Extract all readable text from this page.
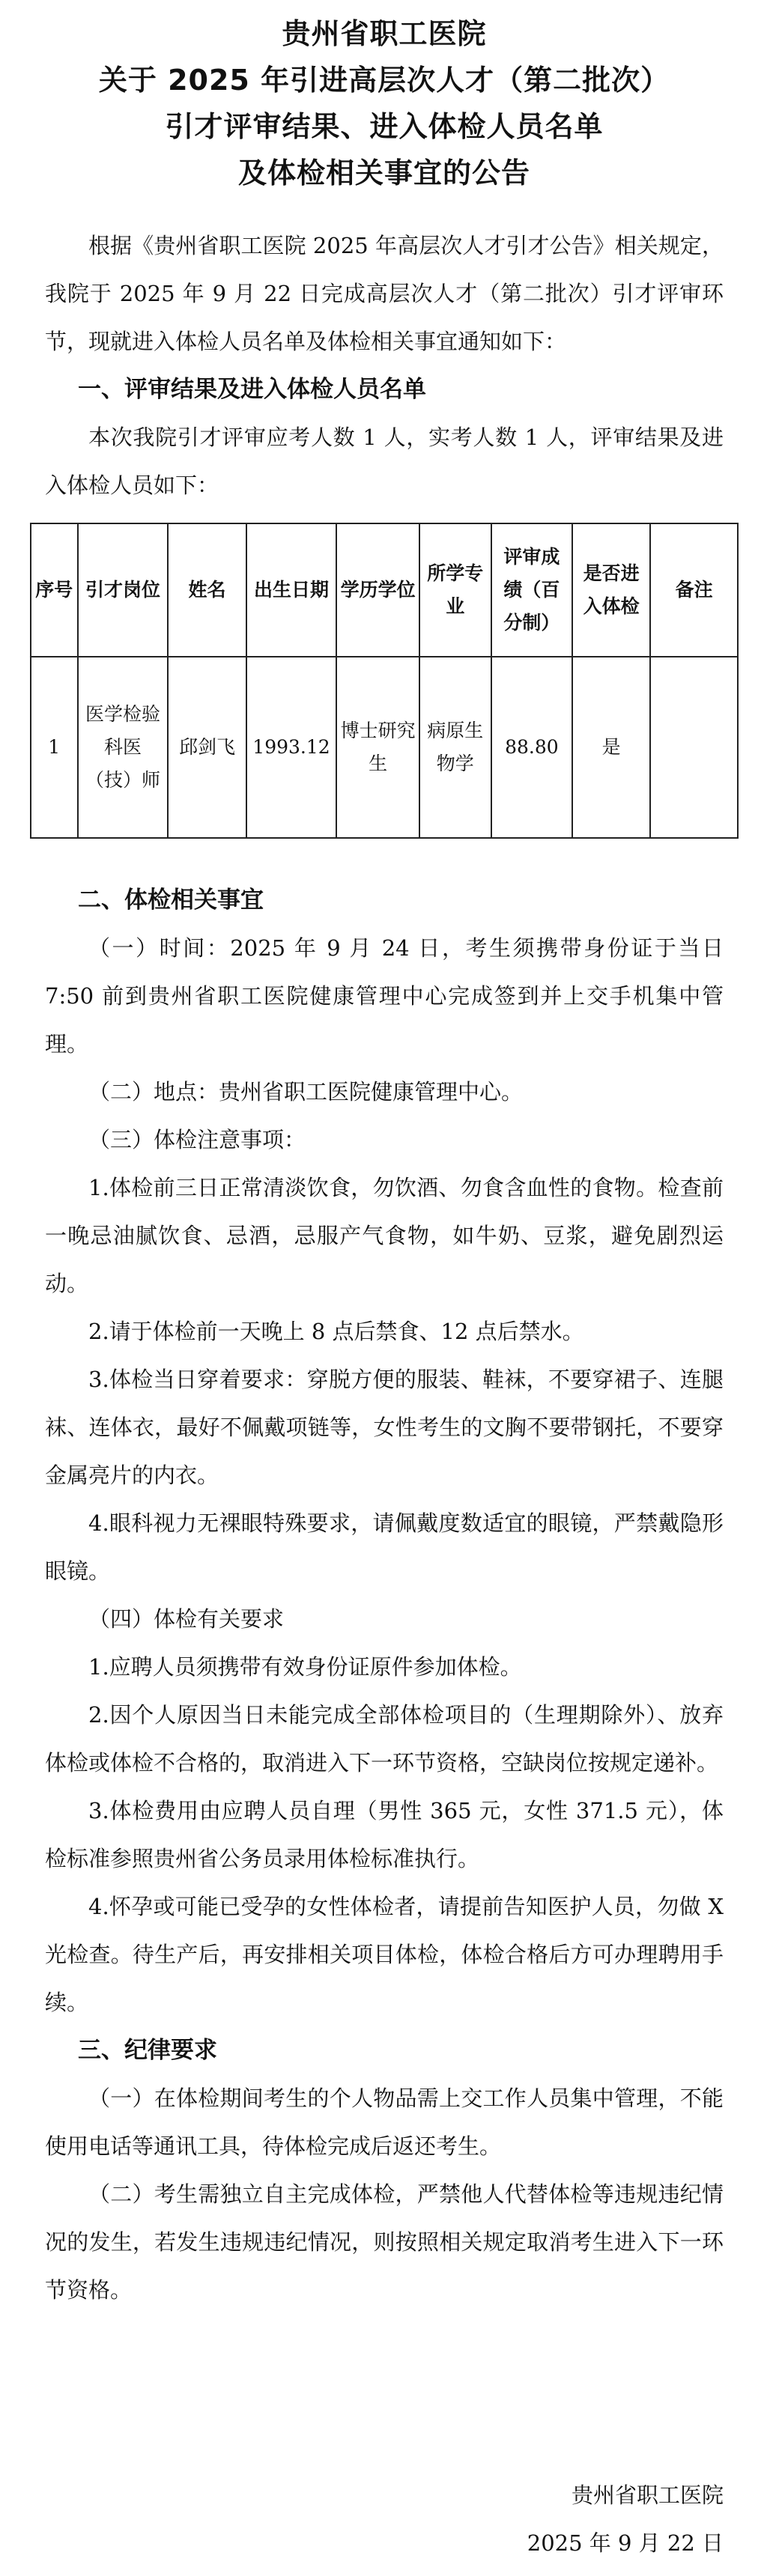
贵州省职工医院
关于 2025 年引进高层次人才（第二批次）
引才评审结果、进入体检人员名单
及体检相关事宜的公告

根据《贵州省职工医院 2025 年高层次人才引才公告》相关规定，我院于 2025 年 9 月 22 日完成高层次人才（第二批次）引才评审环节，现就进入体检人员名单及体检相关事宜通知如下：

一、评审结果及进入体检人员名单

本次我院引才评审应考人数 1 人，实考人数 1 人，评审结果及进入体检人员如下：

序号	引才岗位	姓名	出生日期	学历学位	所学专业	评审成绩（百分制）	是否进入体检	备注
1	医学检验科医（技）师	邱剑飞	1993.12	博士研究生	病原生物学	88.80	是	

二、体检相关事宜

（一）时间：2025 年 9 月 24 日，考生须携带身份证于当日 7:50 前到贵州省职工医院健康管理中心完成签到并上交手机集中管理。

（二）地点：贵州省职工医院健康管理中心。

（三）体检注意事项：

1.体检前三日正常清淡饮食，勿饮酒、勿食含血性的食物。检查前一晚忌油腻饮食、忌酒，忌服产气食物，如牛奶、豆浆，避免剧烈运动。

2.请于体检前一天晚上 8 点后禁食、12 点后禁水。

3.体检当日穿着要求：穿脱方便的服装、鞋袜，不要穿裙子、连腿袜、连体衣，最好不佩戴项链等，女性考生的文胸不要带钢托，不要穿金属亮片的内衣。

4.眼科视力无裸眼特殊要求，请佩戴度数适宜的眼镜，严禁戴隐形眼镜。

（四）体检有关要求

1.应聘人员须携带有效身份证原件参加体检。

2.因个人原因当日未能完成全部体检项目的（生理期除外）、放弃体检或体检不合格的，取消进入下一环节资格，空缺岗位按规定递补。

3.体检费用由应聘人员自理（男性 365 元，女性 371.5 元），体检标准参照贵州省公务员录用体检标准执行。

4.怀孕或可能已受孕的女性体检者，请提前告知医护人员，勿做 X 光检查。待生产后，再安排相关项目体检，体检合格后方可办理聘用手续。

三、纪律要求

（一）在体检期间考生的个人物品需上交工作人员集中管理，不能使用电话等通讯工具，待体检完成后返还考生。

（二）考生需独立自主完成体检，严禁他人代替体检等违规违纪情况的发生，若发生违规违纪情况，则按照相关规定取消考生进入下一环节资格。

贵州省职工医院
2025 年 9 月 22 日
